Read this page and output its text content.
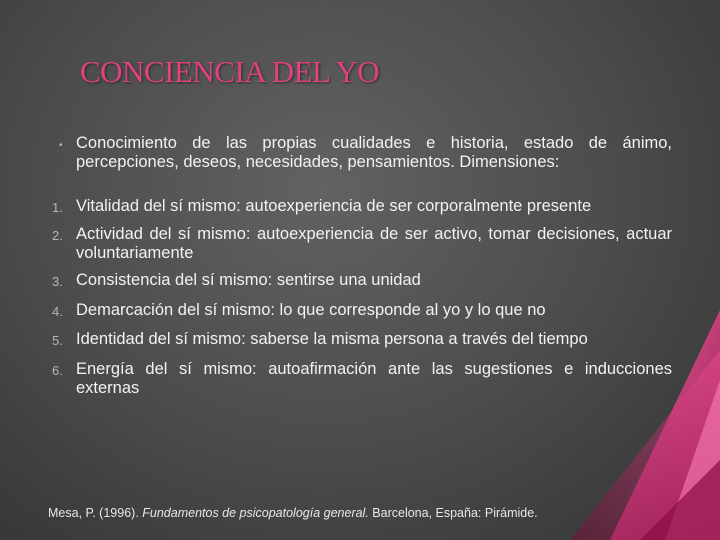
CONCIENCIA DEL YO
• Conocimiento de las propias cualidades e historia, estado de ánimo, percepciones, deseos, necesidades, pensamientos. Dimensiones:
1. Vitalidad del sí mismo: autoexperiencia de ser corporalmente presente
2. Actividad del sí mismo: autoexperiencia de ser activo, tomar decisiones, actuar voluntariamente
3. Consistencia del sí mismo: sentirse una unidad
4. Demarcación del sí mismo: lo que corresponde al yo y lo que no
5. Identidad del sí mismo: saberse la misma persona a través del tiempo
6. Energía del sí mismo: autoafirmación ante las sugestiones e inducciones externas
Mesa, P. (1996). Fundamentos de psicopatología general. Barcelona, España: Pirámide.
